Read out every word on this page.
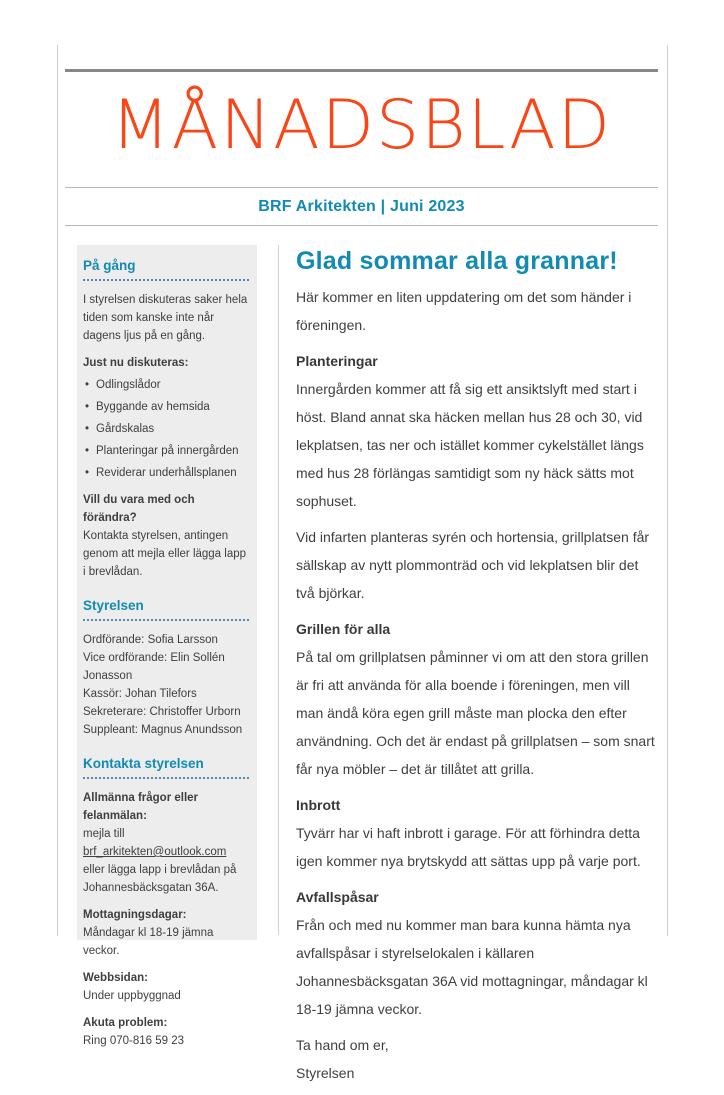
MÅNADSBLAD
BRF Arkitekten | Juni 2023
På gång

I styrelsen diskuteras saker hela tiden som kanske inte når dagens ljus på en gång.

Just nu diskuteras:
• Odlingslådor
• Byggande av hemsida
• Gårdskalas
• Planteringar på innergården
• Reviderar underhållsplanen
Vill du vara med och förändra?

Kontakta styrelsen, antingen genom att mejla eller lägga lapp i brevlådan.

Styrelsen
Ordförande: Sofia Larsson
Vice ordförande: Elin Sollén Jonasson
Kassör: Johan Tilefors
Sekreterare: Christoffer Urborn
Suppleant: Magnus Anundsson
Kontakta styrelsen
Allmänna frågor eller felanmälan:

mejla till brf_arkitekten@outlook.com eller lägga lapp i brevlådan på Johannesbäcksgatan 36A.

Mottagningsdagar:

Måndagar kl 18-19 jämna veckor.

Webbsidan:

Under uppbyggnad

Akuta problem:

Ring 070-816 59 23

Glad sommar alla grannar!

Här kommer en liten uppdatering om det som händer i föreningen.

Planteringar

Innergården kommer att få sig ett ansiktslyft med start i höst. Bland annat ska häcken mellan hus 28 och 30, vid lekplatsen, tas ner och istället kommer cykelstället längs med hus 28 förlängas samtidigt som ny häck sätts mot sophuset.

Vid infarten planteras syrén och hortensia, grillplatsen får sällskap av nytt plommonträd och vid lekplatsen blir det två björkar.

Grillen för alla

På tal om grillplatsen påminner vi om att den stora grillen är fri att använda för alla boende i föreningen, men vill man ändå köra egen grill måste man plocka den efter användning. Och det är endast på grillplatsen – som snart får nya möbler – det är tillåtet att grilla.

Inbrott

Tyvärr har vi haft inbrott i garage. För att förhindra detta igen kommer nya brytskydd att sättas upp på varje port.

Avfallspåsar

Från och med nu kommer man bara kunna hämta nya avfallspåsar i styrelselokalen i källaren Johannesbäcksgatan 36A vid mottagningar, måndagar kl 18-19 jämna veckor.

Ta hand om er,
Styrelsen
